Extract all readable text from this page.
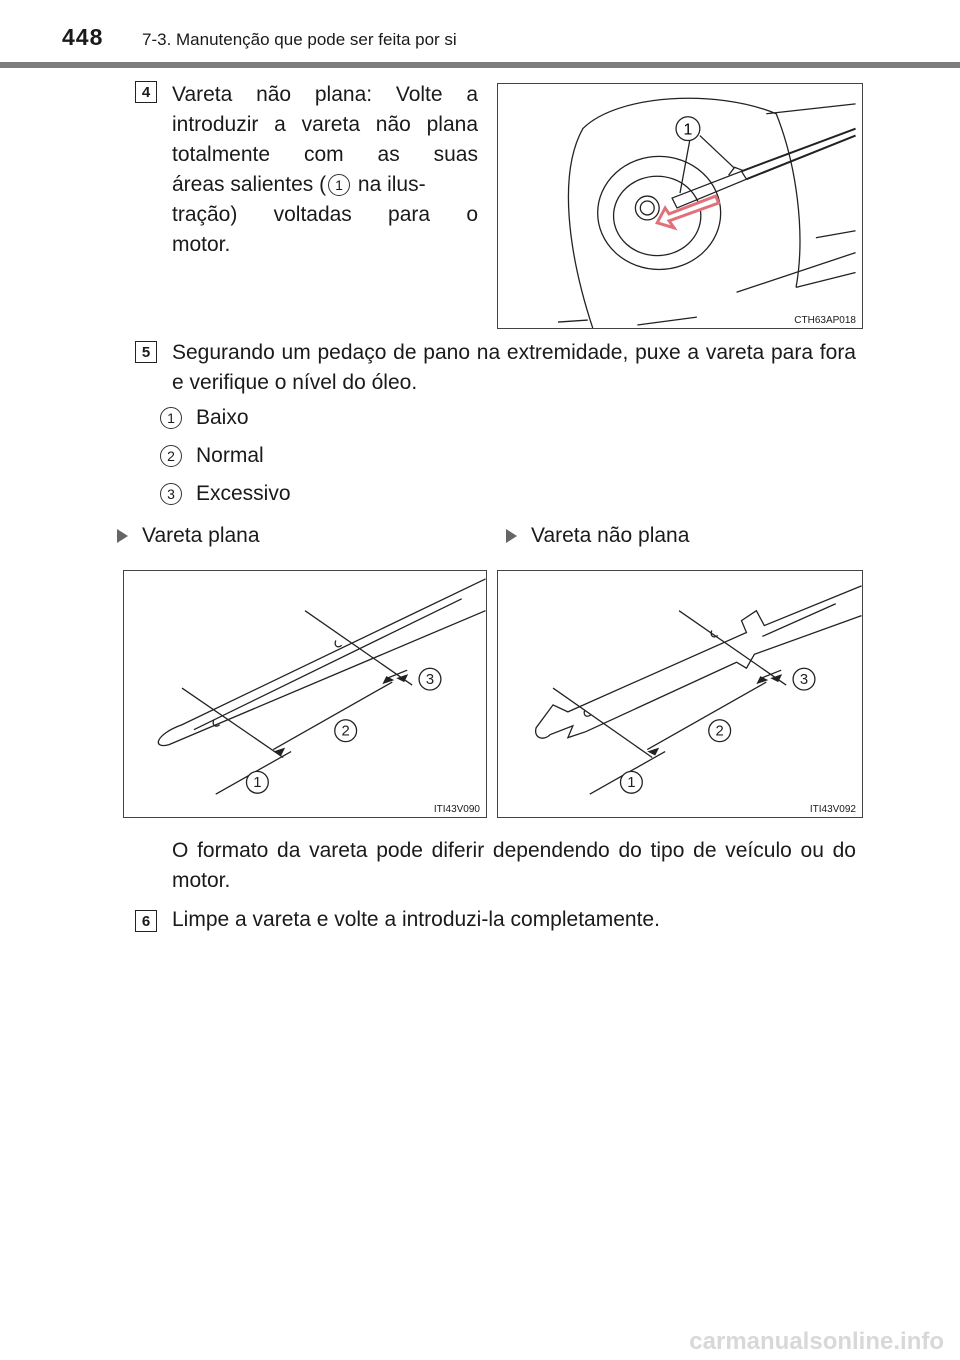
448 7-3. Manutenção que pode ser feita por si
4	Vareta não plana: Volte a
introduzir a vareta não plana
totalmente com as suas
áreas salientes ( 1 na ilus-
tração) voltadas para o
motor.
1
CTH63AP018
5	Segurando um pedaço de pano na extremidade, puxe a vareta para fora e verifique o nível do óleo.
1	Baixo
2	Normal
3	Excessivo
Vareta plana	Vareta não plana
1
2
3
ITI43V090
1
2
3
ITI43V092
O formato da vareta pode diferir dependendo do tipo de veículo ou do motor.
6	Limpe a vareta e volte a introduzi-la completamente.
carmanualsonline.info
